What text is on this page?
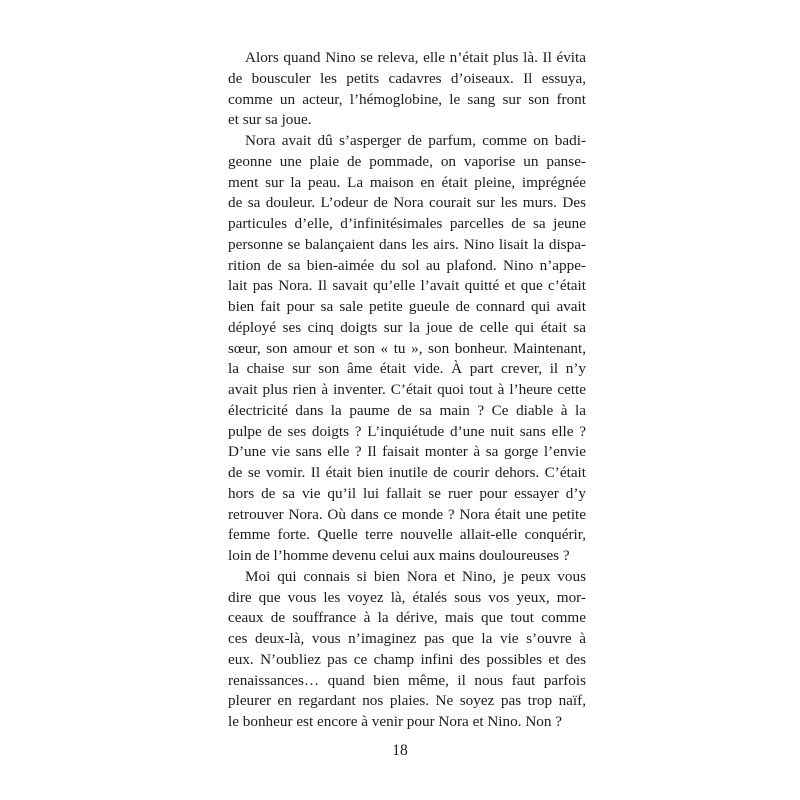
Alors quand Nino se releva, elle n’était plus là. Il évita
de bousculer les petits cadavres d’oiseaux. Il essuya,
comme un acteur, l’hémoglobine, le sang sur son front
et sur sa joue.
Nora avait dû s’asperger de parfum, comme on badi-
geonne une plaie de pommade, on vaporise un panse-
ment sur la peau. La maison en était pleine, imprégnée
de sa douleur. L’odeur de Nora courait sur les murs. Des
particules d’elle, d’infinitésimales parcelles de sa jeune
personne se balançaient dans les airs. Nino lisait la dispa-
rition de sa bien-aimée du sol au plafond. Nino n’appe-
lait pas Nora. Il savait qu’elle l’avait quitté et que c’était
bien fait pour sa sale petite gueule de connard qui avait
déployé ses cinq doigts sur la joue de celle qui était sa
sœur, son amour et son « tu », son bonheur. Maintenant,
la chaise sur son âme était vide. À part crever, il n’y
avait plus rien à inventer. C’était quoi tout à l’heure cette
électricité dans la paume de sa main ? Ce diable à la
pulpe de ses doigts ? L’inquiétude d’une nuit sans elle ?
D’une vie sans elle ? Il faisait monter à sa gorge l’envie
de se vomir. Il était bien inutile de courir dehors. C’était
hors de sa vie qu’il lui fallait se ruer pour essayer d’y
retrouver Nora. Où dans ce monde ? Nora était une petite
femme forte. Quelle terre nouvelle allait-elle conquérir,
loin de l’homme devenu celui aux mains douloureuses ?
Moi qui connais si bien Nora et Nino, je peux vous
dire que vous les voyez là, étalés sous vos yeux, mor-
ceaux de souffrance à la dérive, mais que tout comme
ces deux-là, vous n’imaginez pas que la vie s’ouvre à
eux. N’oubliez pas ce champ infini des possibles et des
renaissances… quand bien même, il nous faut parfois
pleurer en regardant nos plaies. Ne soyez pas trop naïf,
le bonheur est encore à venir pour Nora et Nino. Non ?
18
